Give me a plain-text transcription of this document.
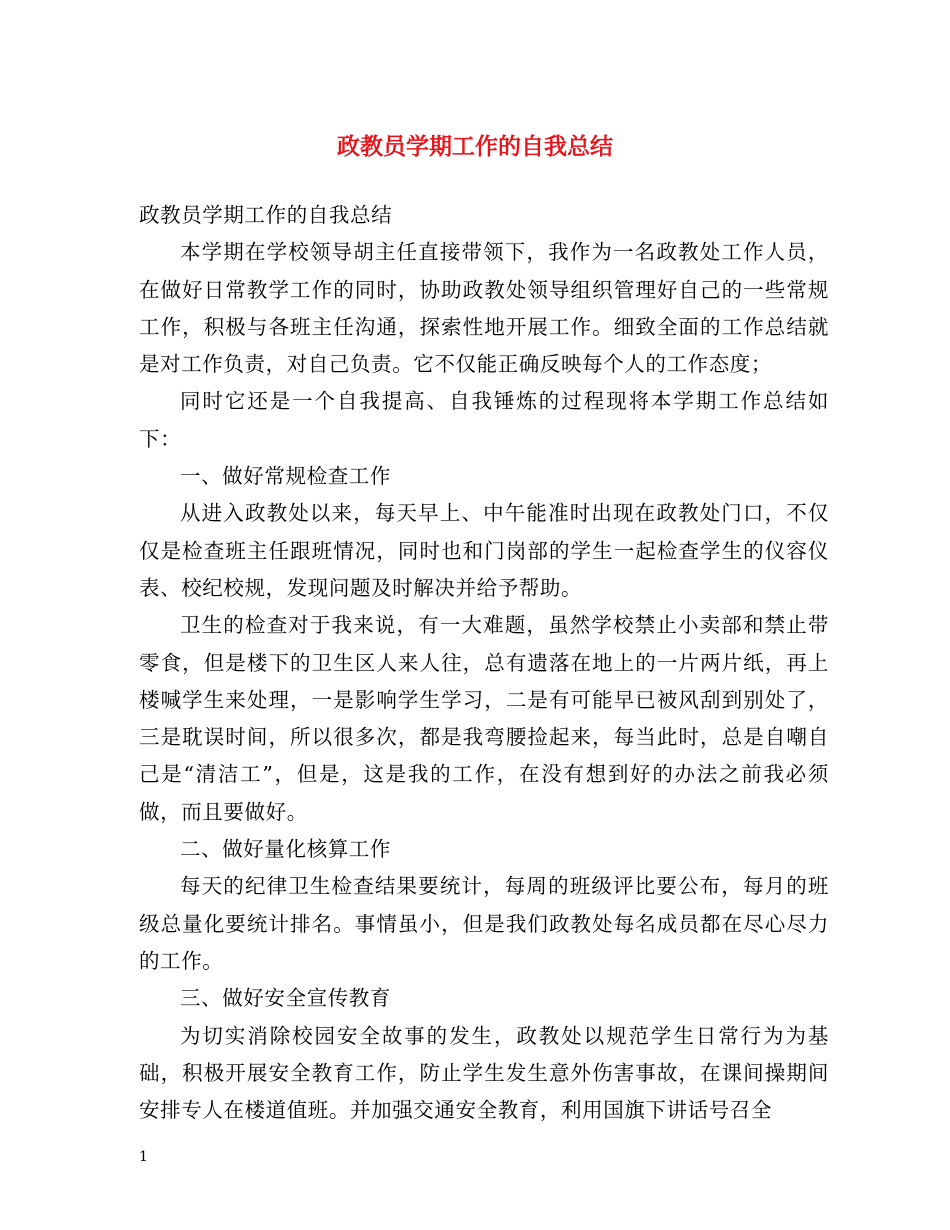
政教员学期工作的自我总结

政教员学期工作的自我总结

本学期在学校领导胡主任直接带领下，我作为一名政教处工作人员，在做好日常教学工作的同时，协助政教处领导组织管理好自己的一些常规工作，积极与各班主任沟通，探索性地开展工作。细致全面的工作总结就是对工作负责，对自己负责。它不仅能正确反映每个人的工作态度；

同时它还是一个自我提高、自我锤炼的过程现将本学期工作总结如下：

一、做好常规检查工作

从进入政教处以来，每天早上、中午能准时出现在政教处门口，不仅仅是检查班主任跟班情况，同时也和门岗部的学生一起检查学生的仪容仪表、校纪校规，发现问题及时解决并给予帮助。

卫生的检查对于我来说，有一大难题，虽然学校禁止小卖部和禁止带零食，但是楼下的卫生区人来人往，总有遗落在地上的一片两片纸，再上楼喊学生来处理，一是影响学生学习，二是有可能早已被风刮到别处了，三是耽误时间，所以很多次，都是我弯腰捡起来，每当此时，总是自嘲自己是“清洁工”，但是，这是我的工作，在没有想到好的办法之前我必须做，而且要做好。

二、做好量化核算工作

每天的纪律卫生检查结果要统计，每周的班级评比要公布，每月的班级总量化要统计排名。事情虽小，但是我们政教处每名成员都在尽心尽力的工作。

三、做好安全宣传教育

为切实消除校园安全故事的发生，政教处以规范学生日常行为为基础，积极开展安全教育工作，防止学生发生意外伤害事故，在课间操期间安排专人在楼道值班。并加强交通安全教育，利用国旗下讲话号召全

1
